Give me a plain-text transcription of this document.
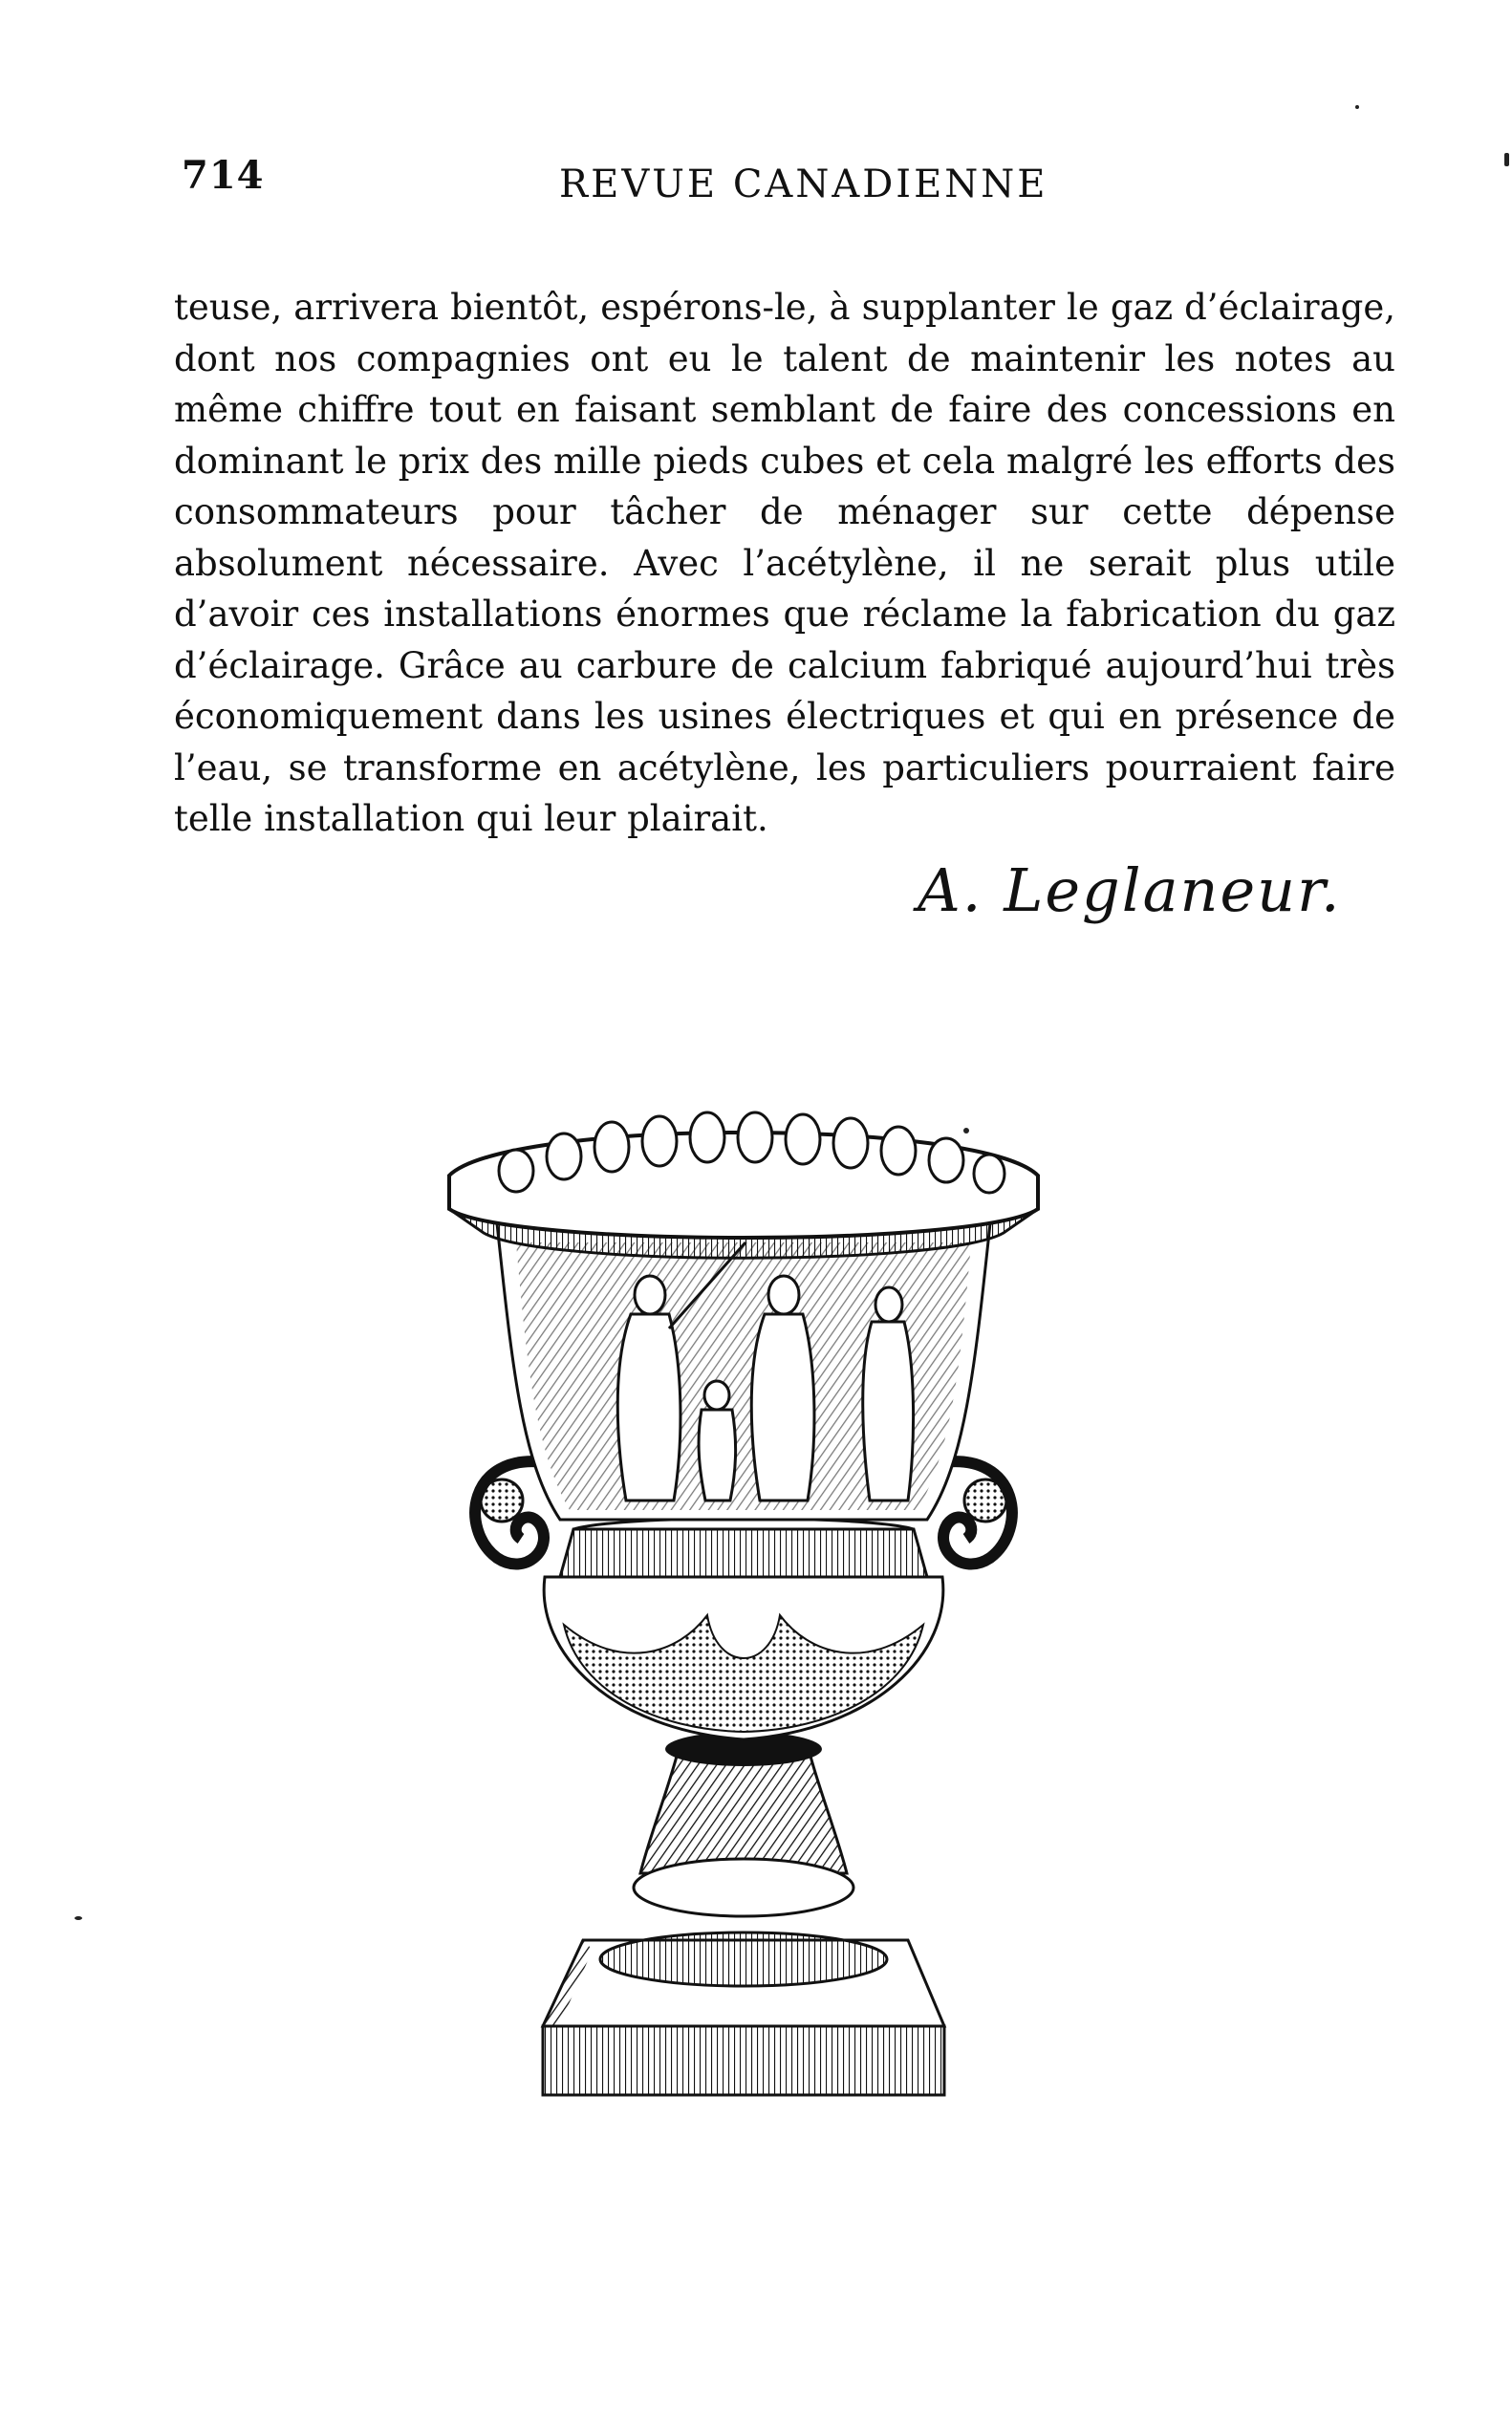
714	REVUE CANADIENNE

teuse, arrivera bientôt, espérons-le, à supplanter le gaz d’éclairage, dont nos compagnies ont eu le talent de maintenir les notes au même chiffre tout en faisant semblant de faire des concessions en dominant le prix des mille pieds cubes et cela malgré les efforts des consommateurs pour tâcher de ménager sur cette dépense absolument nécessaire. Avec l’acétylène, il ne serait plus utile d’avoir ces installations énormes que réclame la fabrication du gaz d’éclairage. Grâce au carbure de calcium fabriqué aujourd’hui très économiquement dans les usines électriques et qui en présence de l’eau, se transforme en acétylène, les particuliers pourraient faire telle installation qui leur plairait.

A. Leglaneur.
